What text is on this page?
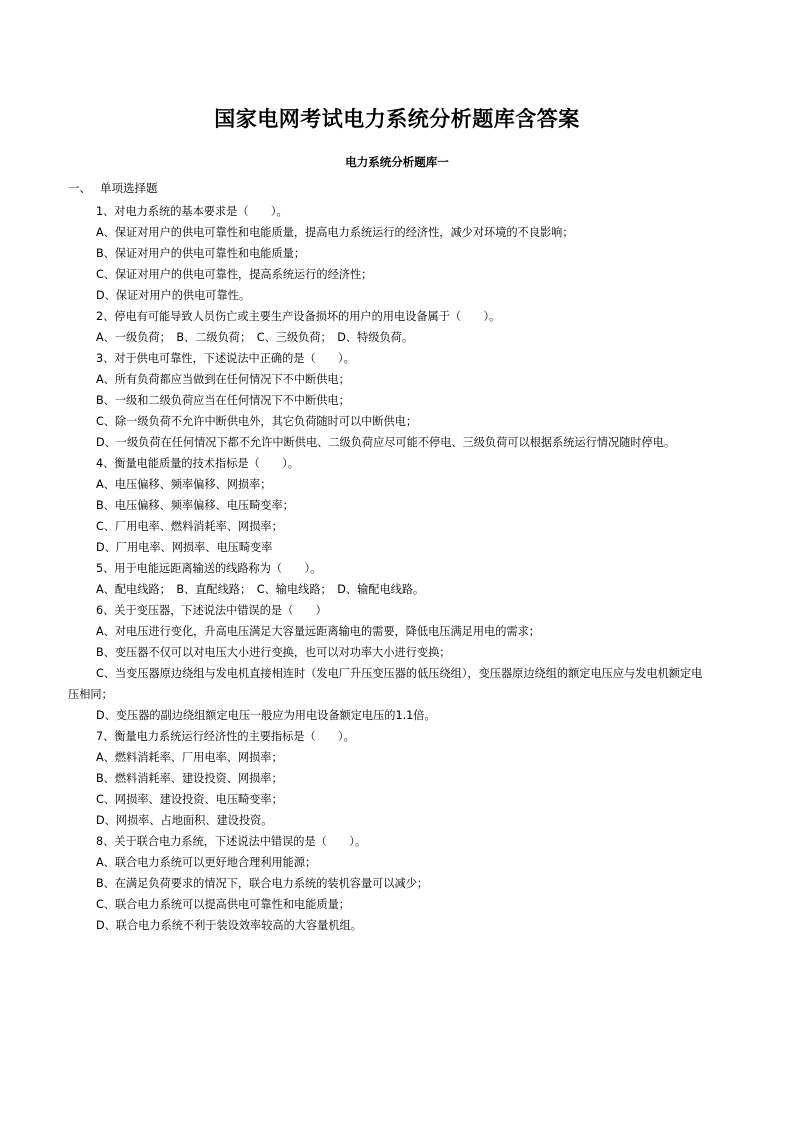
国家电网考试电力系统分析题库含答案
电力系统分析题库一
一、 单项选择题
1、对电力系统的基本要求是（　　）。
A、保证对用户的供电可靠性和电能质量，提高电力系统运行的经济性，减少对环境的不良影响；
B、保证对用户的供电可靠性和电能质量；
C、保证对用户的供电可靠性，提高系统运行的经济性；
D、保证对用户的供电可靠性。
2、停电有可能导致人员伤亡或主要生产设备损坏的用户的用电设备属于（　　）。
A、一级负荷；　B、二级负荷；　C、三级负荷；　D、特级负荷。
3、对于供电可靠性，下述说法中正确的是（　　）。
A、所有负荷都应当做到在任何情况下不中断供电；
B、一级和二级负荷应当在任何情况下不中断供电；
C、除一级负荷不允许中断供电外，其它负荷随时可以中断供电；
D、一级负荷在任何情况下都不允许中断供电、二级负荷应尽可能不停电、三级负荷可以根据系统运行情况随时停电。
4、衡量电能质量的技术指标是（　　）。
A、电压偏移、频率偏移、网损率；
B、电压偏移、频率偏移、电压畸变率；
C、厂用电率、燃料消耗率、网损率；
D、厂用电率、网损率、电压畸变率
5、用于电能远距离输送的线路称为（　　）。
A、配电线路；　B、直配线路；　C、输电线路；　D、输配电线路。
6、关于变压器，下述说法中错误的是（　　）
A、对电压进行变化，升高电压满足大容量远距离输电的需要，降低电压满足用电的需求；
B、变压器不仅可以对电压大小进行变换，也可以对功率大小进行变换；
C、当变压器原边绕组与发电机直接相连时（发电厂升压变压器的低压绕组），变压器原边绕组的额定电压应与发电机额定电
压相同；
D、变压器的副边绕组额定电压一般应为用电设备额定电压的1.1倍。
7、衡量电力系统运行经济性的主要指标是（　　）。
A、燃料消耗率、厂用电率、网损率；
B、燃料消耗率、建设投资、网损率；
C、网损率、建设投资、电压畸变率；
D、网损率、占地面积、建设投资。
8、关于联合电力系统，下述说法中错误的是（　　）。
A、联合电力系统可以更好地合理利用能源；
B、在满足负荷要求的情况下，联合电力系统的装机容量可以减少；
C、联合电力系统可以提高供电可靠性和电能质量；
D、联合电力系统不利于装设效率较高的大容量机组。
